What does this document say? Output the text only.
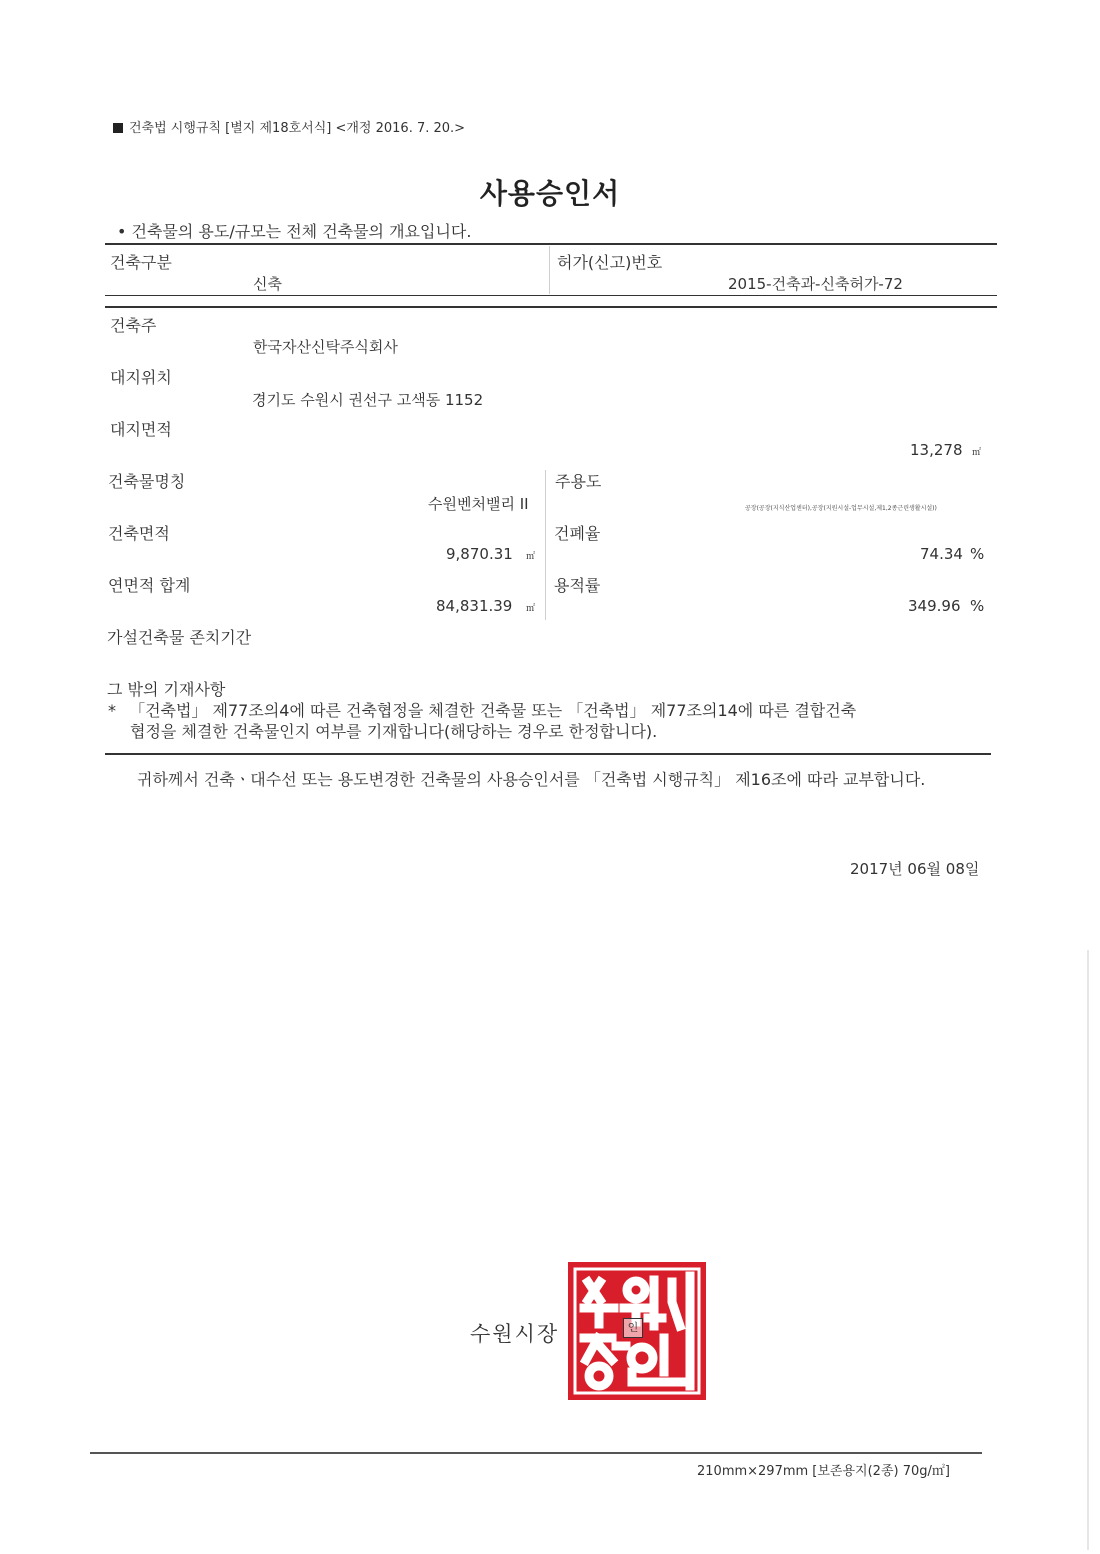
건축법 시행규칙 [별지 제18호서식] <개정 2016. 7. 20.>
사용승인서
• 건축물의 용도/규모는 전체 건축물의 개요입니다.
건축구분
신축
허가(신고)번호
2015-건축과-신축허가-72
건축주
한국자산신탁주식회사
대지위치
경기도 수원시 권선구 고색동 1152
대지면적
13,278 ㎡
건축물명칭
수원벤처밸리 II
주용도
공장(공장(지식산업센터),공장(지원시설-업무시설,제1,2종근린생활시설))
건축면적
9,870.31 ㎡
건폐율
74.34 %
연면적 합계
84,831.39 ㎡
용적률
349.96 %
가설건축물 존치기간
그 밖의 기재사항
* 「건축법」 제77조의4에 따른 건축협정을 체결한 건축물 또는 「건축법」 제77조의14에 따른 결합건축
협정을 체결한 건축물인지 여부를 기재합니다(해당하는 경우로 한정합니다).
귀하께서 건축ㆍ대수선 또는 용도변경한 건축물의 사용승인서를 「건축법 시행규칙」 제16조에 따라 교부합니다.
2017년 06월 08일
수원시장	인
210mm×297mm [보존용지(2종) 70g/㎡]
